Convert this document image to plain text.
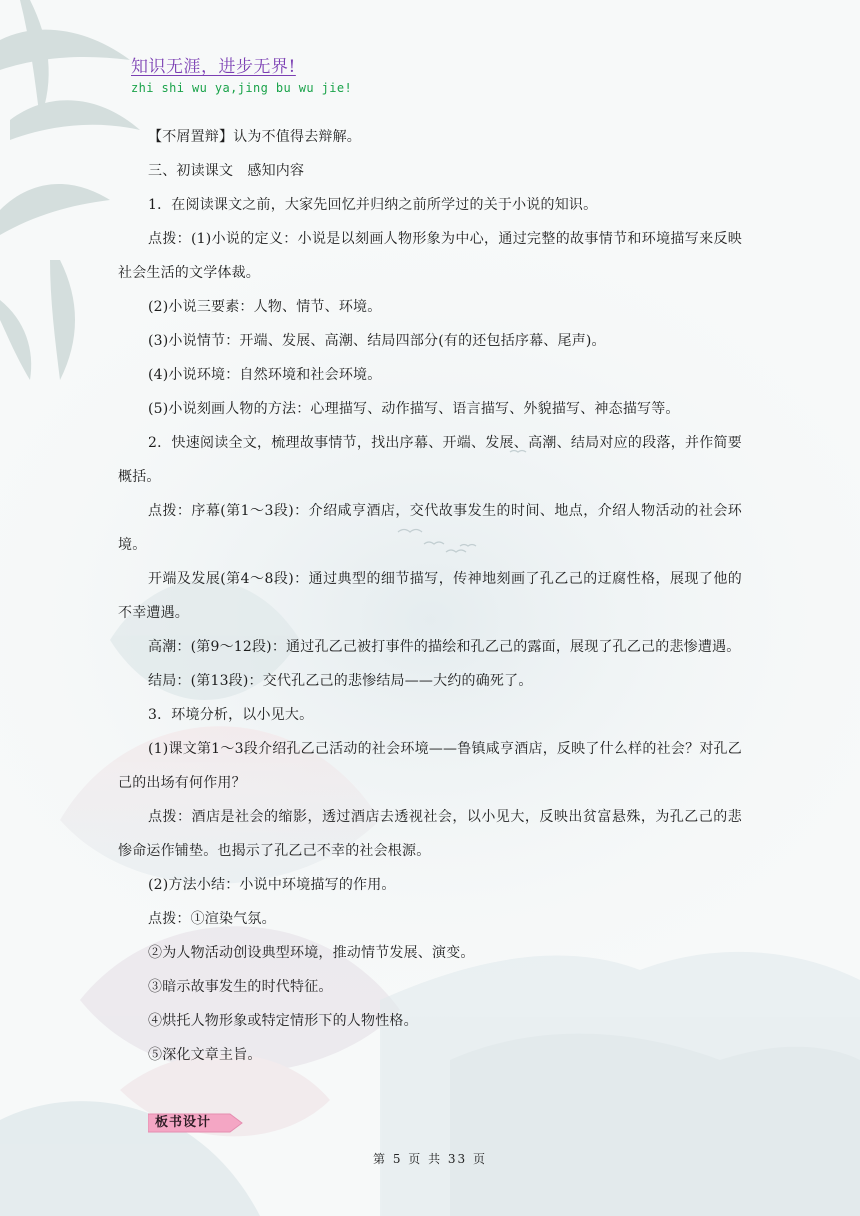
知识无涯，进步无界!
zhi shi wu ya,jing bu wu jie!

【不屑置辩】认为不值得去辩解。

三、初读课文　感知内容

1．在阅读课文之前，大家先回忆并归纳之前所学过的关于小说的知识。

点拨：(1)小说的定义：小说是以刻画人物形象为中心，通过完整的故事情节和环境描写来反映社会生活的文学体裁。

(2)小说三要素：人物、情节、环境。

(3)小说情节：开端、发展、高潮、结局四部分(有的还包括序幕、尾声)。

(4)小说环境：自然环境和社会环境。

(5)小说刻画人物的方法：心理描写、动作描写、语言描写、外貌描写、神态描写等。

2．快速阅读全文，梳理故事情节，找出序幕、开端、发展、高潮、结局对应的段落，并作简要概括。

点拨：序幕(第1～3段)：介绍咸亨酒店，交代故事发生的时间、地点，介绍人物活动的社会环境。

开端及发展(第4～8段)：通过典型的细节描写，传神地刻画了孔乙己的迂腐性格，展现了他的不幸遭遇。

高潮：(第9～12段)：通过孔乙己被打事件的描绘和孔乙己的露面，展现了孔乙己的悲惨遭遇。

结局：(第13段)：交代孔乙己的悲惨结局——大约的确死了。

3．环境分析，以小见大。

(1)课文第1～3段介绍孔乙己活动的社会环境——鲁镇咸亨酒店，反映了什么样的社会？对孔乙己的出场有何作用？

点拨：酒店是社会的缩影，透过酒店去透视社会，以小见大，反映出贫富悬殊，为孔乙己的悲惨命运作铺垫。也揭示了孔乙己不幸的社会根源。

(2)方法小结：小说中环境描写的作用。

点拨：①渲染气氛。

②为人物活动创设典型环境，推动情节发展、演变。

③暗示故事发生的时代特征。

④烘托人物形象或特定情形下的人物性格。

⑤深化文章主旨。

板书设计
第 5 页 共 33 页
